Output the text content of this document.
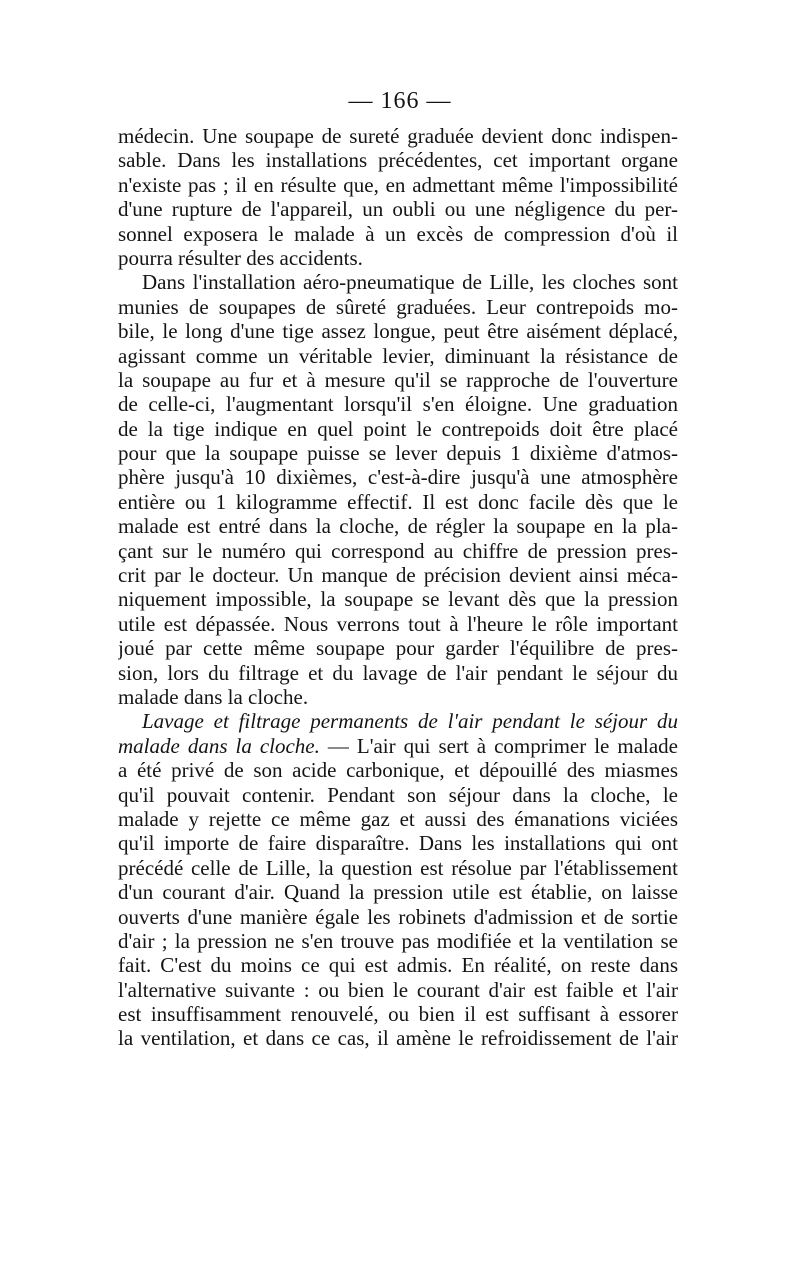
— 166 —
médecin. Une soupape de sureté graduée devient donc indispen-
sable. Dans les installations précédentes, cet important organe
n'existe pas ; il en résulte que, en admettant même l'impossibilité
d'une rupture de l'appareil, un oubli ou une négligence du per-
sonnel exposera le malade à un excès de compression d'où il
pourra résulter des accidents.
Dans l'installation aéro-pneumatique de Lille, les cloches sont
munies de soupapes de sûreté graduées. Leur contrepoids mo-
bile, le long d'une tige assez longue, peut être aisément déplacé,
agissant comme un véritable levier, diminuant la résistance de
la soupape au fur et à mesure qu'il se rapproche de l'ouverture
de celle-ci, l'augmentant lorsqu'il s'en éloigne. Une graduation
de la tige indique en quel point le contrepoids doit être placé
pour que la soupape puisse se lever depuis 1 dixième d'atmos-
phère jusqu'à 10 dixièmes, c'est-à-dire jusqu'à une atmosphère
entière ou 1 kilogramme effectif. Il est donc facile dès que le
malade est entré dans la cloche, de régler la soupape en la pla-
çant sur le numéro qui correspond au chiffre de pression pres-
crit par le docteur. Un manque de précision devient ainsi méca-
niquement impossible, la soupape se levant dès que la pression
utile est dépassée. Nous verrons tout à l'heure le rôle important
joué par cette même soupape pour garder l'équilibre de pres-
sion, lors du filtrage et du lavage de l'air pendant le séjour du
malade dans la cloche.
Lavage et filtrage permanents de l'air pendant le séjour du
malade dans la cloche. — L'air qui sert à comprimer le malade
a été privé de son acide carbonique, et dépouillé des miasmes
qu'il pouvait contenir. Pendant son séjour dans la cloche, le
malade y rejette ce même gaz et aussi des émanations viciées
qu'il importe de faire disparaître. Dans les installations qui ont
précédé celle de Lille, la question est résolue par l'établissement
d'un courant d'air. Quand la pression utile est établie, on laisse
ouverts d'une manière égale les robinets d'admission et de sortie
d'air ; la pression ne s'en trouve pas modifiée et la ventilation se
fait. C'est du moins ce qui est admis. En réalité, on reste dans
l'alternative suivante : ou bien le courant d'air est faible et l'air
est insuffisamment renouvelé, ou bien il est suffisant à essorer
la ventilation, et dans ce cas, il amène le refroidissement de l'air
